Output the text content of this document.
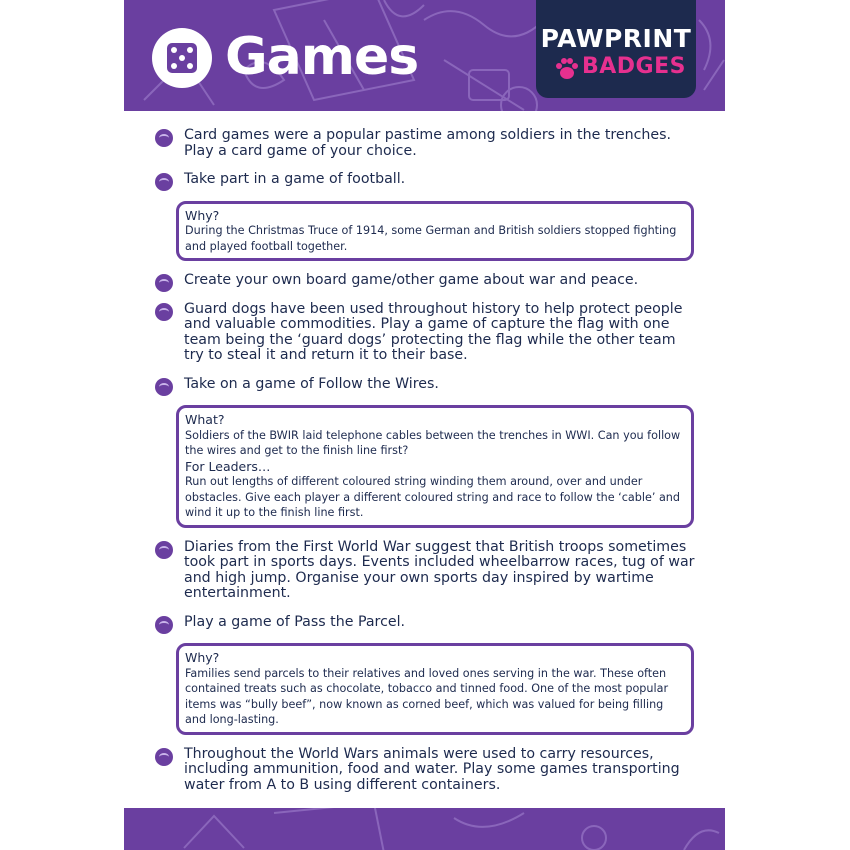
Games	PAWPRINT
BADGES
Card games were a popular pastime among soldiers in the trenches. Play a card game of your choice.
Take part in a game of football.
Why?
During the Christmas Truce of 1914, some German and British soldiers stopped fighting and played football together.
Create your own board game/other game about war and peace.
Guard dogs have been used throughout history to help protect people and valuable commodities. Play a game of capture the flag with one team being the ‘guard dogs’ protecting the flag while the other team try to steal it and return it to their base.
Take on a game of Follow the Wires.
What?
Soldiers of the BWIR laid telephone cables between the trenches in WWI. Can you follow the wires and get to the finish line first?
For Leaders…
Run out lengths of different coloured string winding them around, over and under obstacles. Give each player a different coloured string and race to follow the ‘cable’ and wind it up to the finish line first.
Diaries from the First World War suggest that British troops sometimes took part in sports days. Events included wheelbarrow races, tug of war and high jump. Organise your own sports day inspired by wartime entertainment.
Play a game of Pass the Parcel.
Why?
Families send parcels to their relatives and loved ones serving in the war. These often contained treats such as chocolate, tobacco and tinned food. One of the most popular items was “bully beef”, now known as corned beef, which was valued for being filling and long-lasting.
Throughout the World Wars animals were used to carry resources, including ammunition, food and water. Play some games transporting water from A to B using different containers.
